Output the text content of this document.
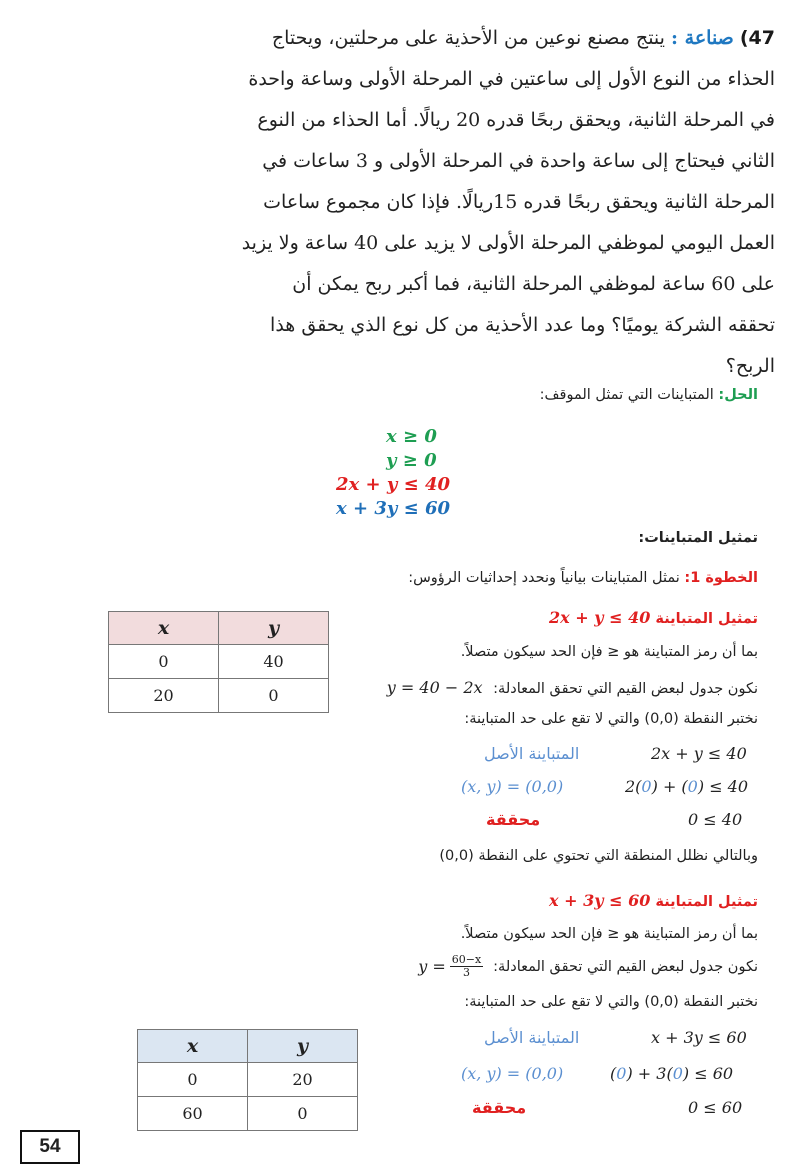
47) صناعة : ينتج مصنع نوعين من الأحذية على مرحلتين، ويحتاج الحذاء من النوع الأول إلى ساعتين في المرحلة الأولى وساعة واحدة في المرحلة الثانية، ويحقق ربحًا قدره 20 ريالًا. أما الحذاء من النوع الثاني فيحتاج إلى ساعة واحدة في المرحلة الأولى و 3 ساعات في المرحلة الثانية ويحقق ربحًا قدره 15ريالًا. فإذا كان مجموع ساعات العمل اليومي لموظفي المرحلة الأولى لا يزيد على 40 ساعة ولا يزيد على 60 ساعة لموظفي المرحلة الثانية، فما أكبر ربح يمكن أن تحققه الشركة يوميًا؟ وما عدد الأحذية من كل نوع الذي يحقق هذا الربح؟
الحل: المتباينات التي تمثل الموقف:
x ≥ 0
y ≥ 0
2x + y ≤ 40
x + 3y ≤ 60
تمثيل المتباينات:
الخطوة 1: نمثل المتباينات بيانياً ونحدد إحداثيات الرؤوس:
تمثيل المتباينة 2x + y ≤ 40
x	y
0	40
20	0
بما أن رمز المتباينة هو ≤ فإن الحد سيكون متصلاً.
y = 40 − 2x نكون جدول لبعض القيم التي تحقق المعادلة:
نختبر النقطة (0,0) والتي لا تقع على حد المتباينة:
المتباينة الأصل	2x + y ≤ 40
(x, y) = (0,0)	2(0) + (0) ≤ 40
محققة	0 ≤ 40
وبالتالي نظلل المنطقة التي تحتوي على النقطة (0,0)
تمثيل المتباينة x + 3y ≤ 60
بما أن رمز المتباينة هو ≤ فإن الحد سيكون متصلاً.
$y = \frac{60-x}{3}$ نكون جدول لبعض القيم التي تحقق المعادلة:
نختبر النقطة (0,0) والتي لا تقع على حد المتباينة:
x	y
0	20
60	0
المتباينة الأصل	x + 3y ≤ 60
(x, y) = (0,0)	(0) + 3(0) ≤ 60
محققة	0 ≤ 60
54
